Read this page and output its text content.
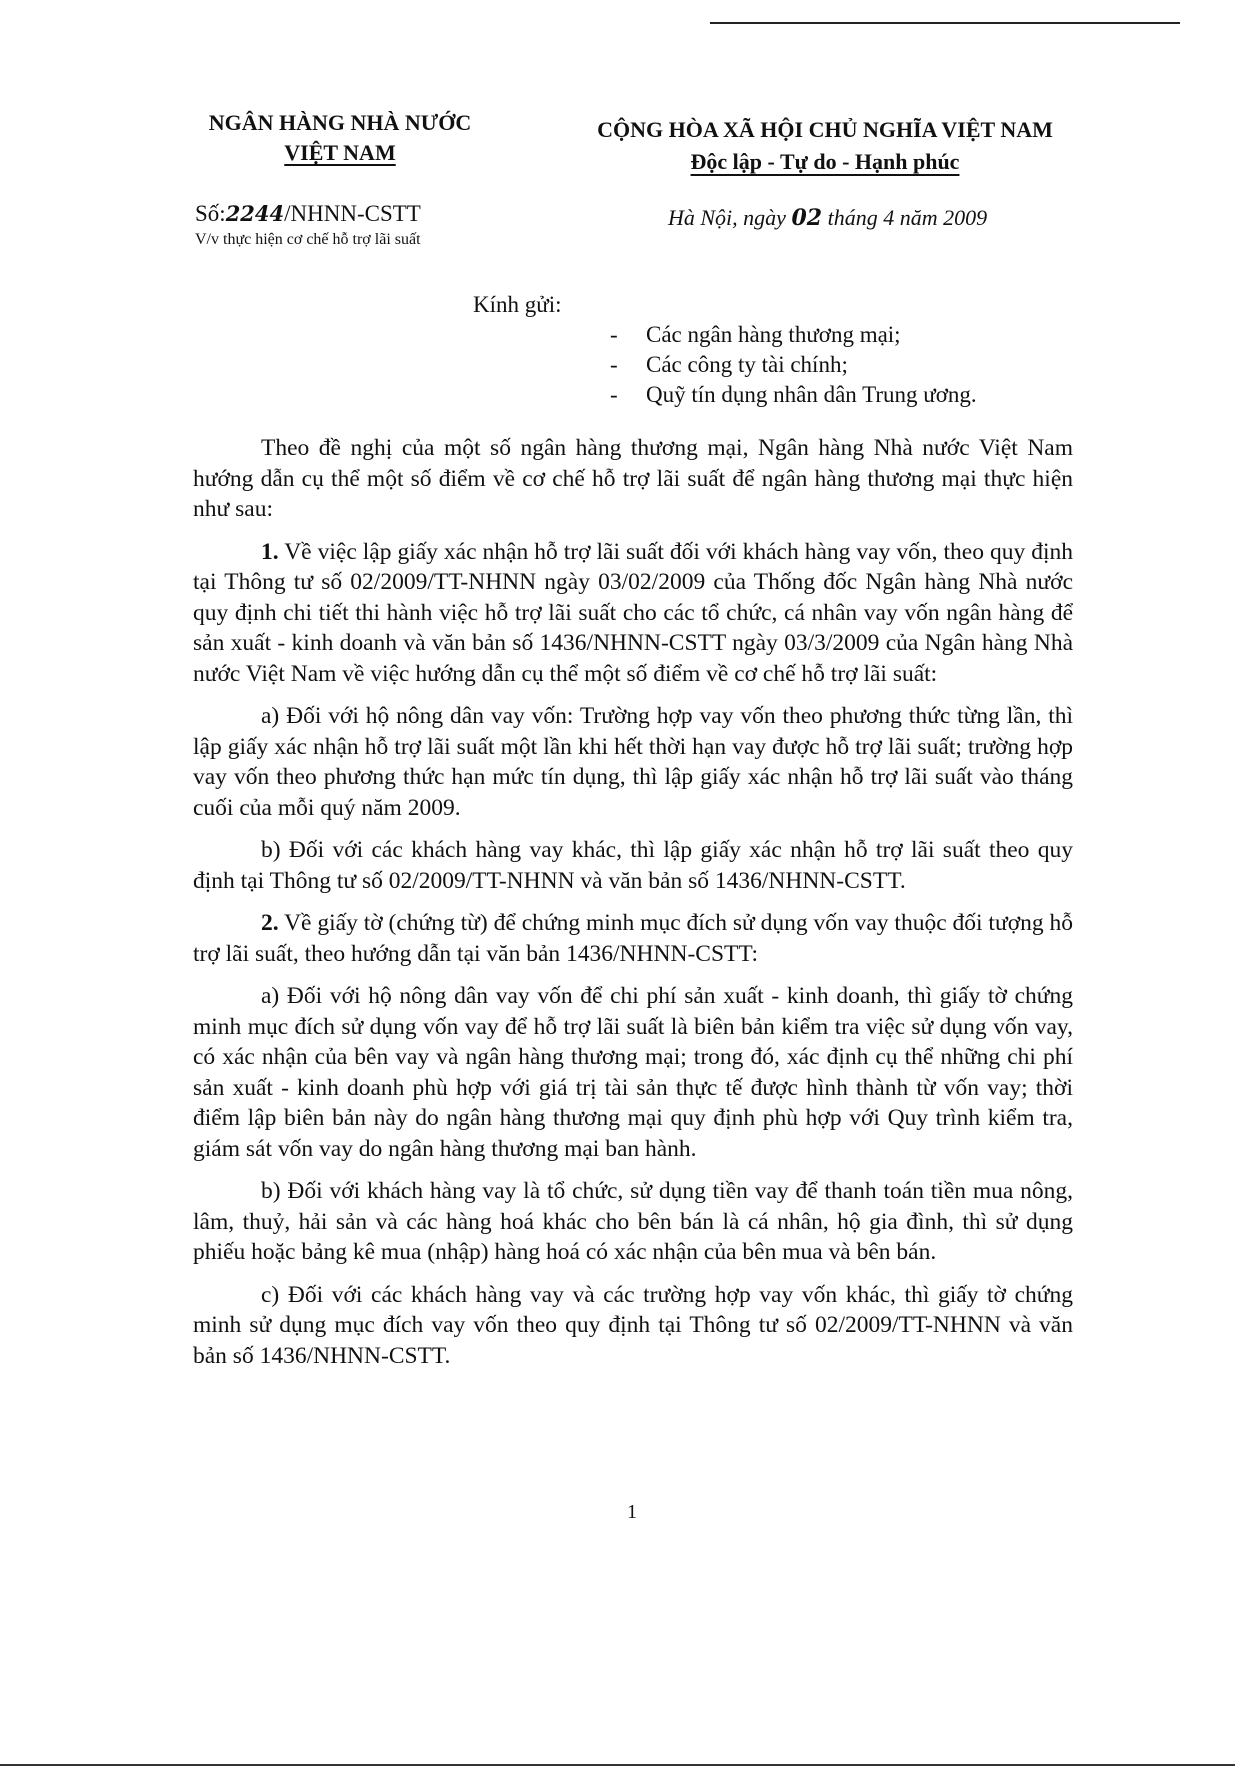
NGÂN HÀNG NHÀ NƯỚC
VIỆT NAM
CỘNG HÒA XÃ HỘI CHỦ NGHĨA VIỆT NAM
Độc lập - Tự do - Hạnh phúc
Số:2244/NHNN-CSTT
V/v thực hiện cơ chế hỗ trợ lãi suất
Hà Nội, ngày 02 tháng 4 năm 2009
Kính gửi:
- Các ngân hàng thương mại;
- Các công ty tài chính;
- Quỹ tín dụng nhân dân Trung ương.

Theo đề nghị của một số ngân hàng thương mại, Ngân hàng Nhà nước Việt Nam hướng dẫn cụ thể một số điểm về cơ chế hỗ trợ lãi suất để ngân hàng thương mại thực hiện như sau:

1. Về việc lập giấy xác nhận hỗ trợ lãi suất đối với khách hàng vay vốn, theo quy định tại Thông tư số 02/2009/TT-NHNN ngày 03/02/2009 của Thống đốc Ngân hàng Nhà nước quy định chi tiết thi hành việc hỗ trợ lãi suất cho các tổ chức, cá nhân vay vốn ngân hàng để sản xuất - kinh doanh và văn bản số 1436/NHNN-CSTT ngày 03/3/2009 của Ngân hàng Nhà nước Việt Nam về việc hướng dẫn cụ thể một số điểm về cơ chế hỗ trợ lãi suất:

a) Đối với hộ nông dân vay vốn: Trường hợp vay vốn theo phương thức từng lần, thì lập giấy xác nhận hỗ trợ lãi suất một lần khi hết thời hạn vay được hỗ trợ lãi suất; trường hợp vay vốn theo phương thức hạn mức tín dụng, thì lập giấy xác nhận hỗ trợ lãi suất vào tháng cuối của mỗi quý năm 2009.

b) Đối với các khách hàng vay khác, thì lập giấy xác nhận hỗ trợ lãi suất theo quy định tại Thông tư số 02/2009/TT-NHNN và văn bản số 1436/NHNN-CSTT.

2. Về giấy tờ (chứng từ) để chứng minh mục đích sử dụng vốn vay thuộc đối tượng hỗ trợ lãi suất, theo hướng dẫn tại văn bản 1436/NHNN-CSTT:

a) Đối với hộ nông dân vay vốn để chi phí sản xuất - kinh doanh, thì giấy tờ chứng minh mục đích sử dụng vốn vay để hỗ trợ lãi suất là biên bản kiểm tra việc sử dụng vốn vay, có xác nhận của bên vay và ngân hàng thương mại; trong đó, xác định cụ thể những chi phí sản xuất - kinh doanh phù hợp với giá trị tài sản thực tế được hình thành từ vốn vay; thời điểm lập biên bản này do ngân hàng thương mại quy định phù hợp với Quy trình kiểm tra, giám sát vốn vay do ngân hàng thương mại ban hành.

b) Đối với khách hàng vay là tổ chức, sử dụng tiền vay để thanh toán tiền mua nông, lâm, thuỷ, hải sản và các hàng hoá khác cho bên bán là cá nhân, hộ gia đình, thì sử dụng phiếu hoặc bảng kê mua (nhập) hàng hoá có xác nhận của bên mua và bên bán.

c) Đối với các khách hàng vay và các trường hợp vay vốn khác, thì giấy tờ chứng minh sử dụng mục đích vay vốn theo quy định tại Thông tư số 02/2009/TT-NHNN và văn bản số 1436/NHNN-CSTT.

1
